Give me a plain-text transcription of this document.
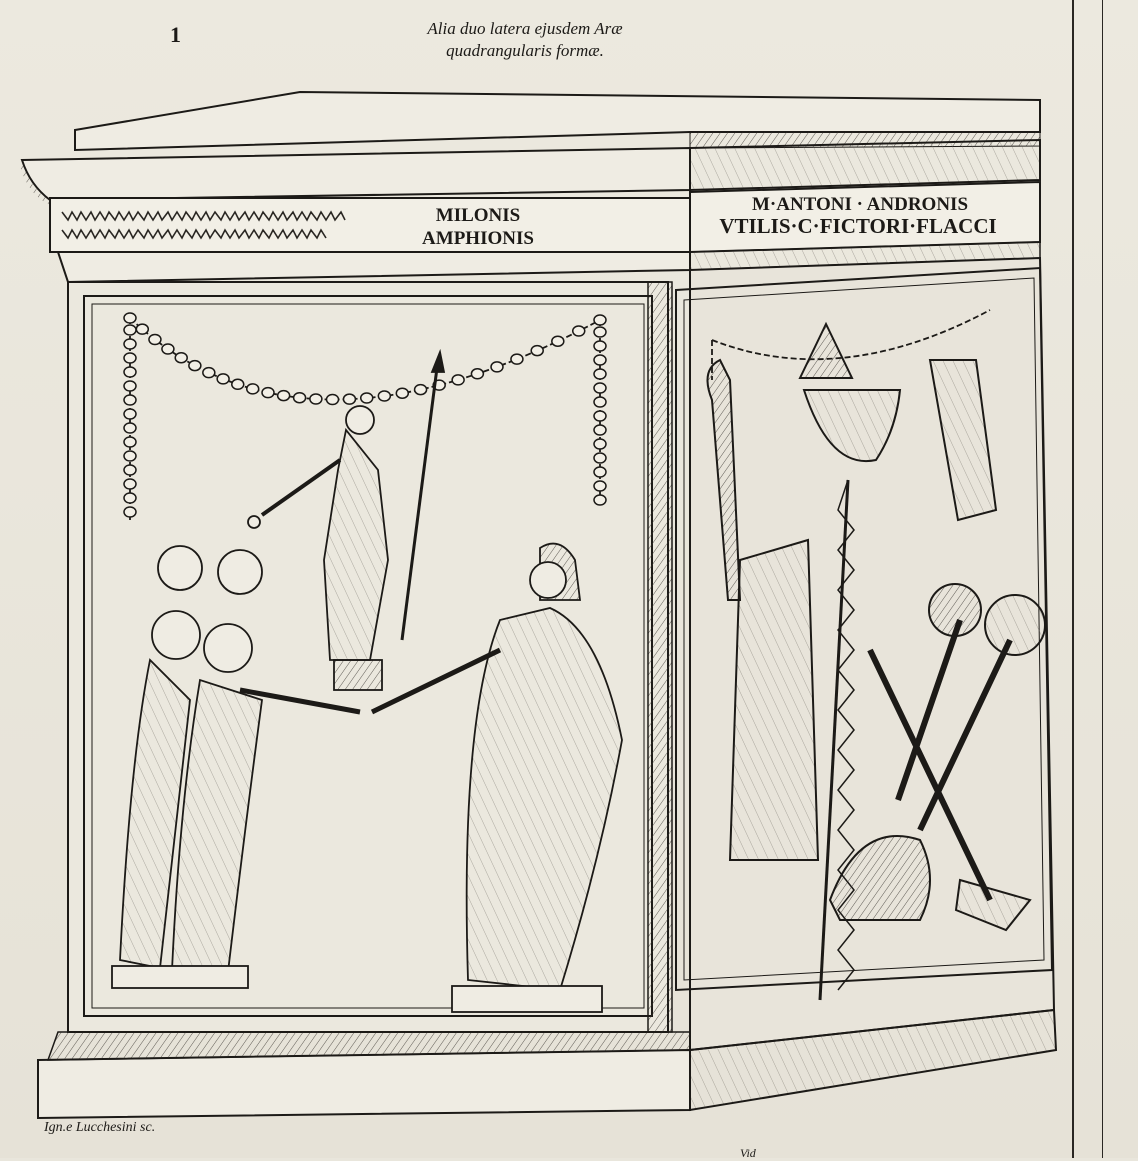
1	Alia duo latera ejusdem Aræ
quadrangularis formæ.
MILONIS
AMPHIONIS
M·ANTONI · ANDRONIS
VTILIS·C·FICTORI·FLACCI
Ign.e Lucchesini sc.
Vid
